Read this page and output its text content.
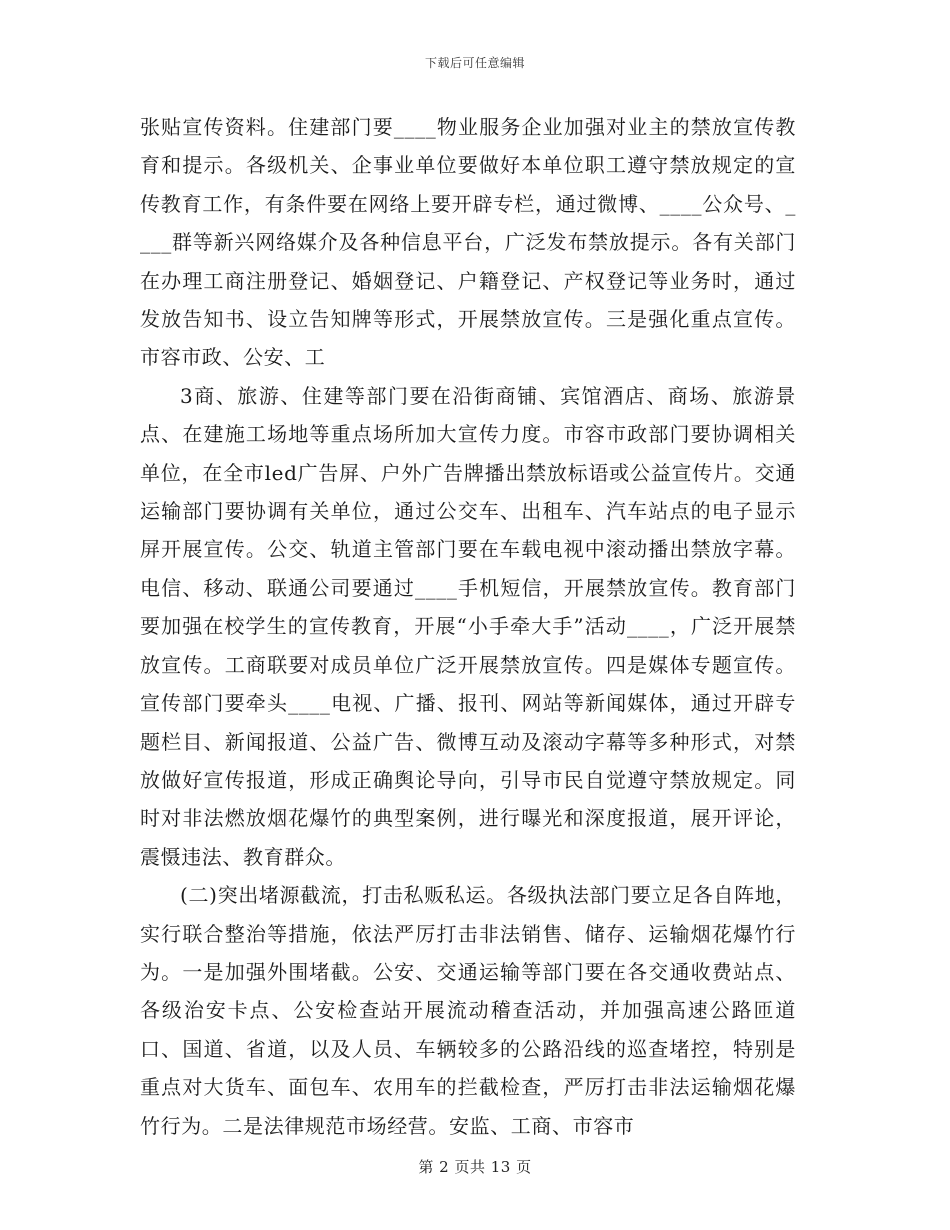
下载后可任意编辑

张贴宣传资料。住建部门要____物业服务企业加强对业主的禁放宣传教育和提示。各级机关、企事业单位要做好本单位职工遵守禁放规定的宣传教育工作，有条件要在网络上要开辟专栏，通过微博、____公众号、____群等新兴网络媒介及各种信息平台，广泛发布禁放提示。各有关部门在办理工商注册登记、婚姻登记、户籍登记、产权登记等业务时，通过发放告知书、设立告知牌等形式，开展禁放宣传。三是强化重点宣传。市容市政、公安、工

3商、旅游、住建等部门要在沿街商铺、宾馆酒店、商场、旅游景点、在建施工场地等重点场所加大宣传力度。市容市政部门要协调相关单位，在全市led广告屏、户外广告牌播出禁放标语或公益宣传片。交通运输部门要协调有关单位，通过公交车、出租车、汽车站点的电子显示屏开展宣传。公交、轨道主管部门要在车载电视中滚动播出禁放字幕。电信、移动、联通公司要通过____手机短信，开展禁放宣传。教育部门要加强在校学生的宣传教育，开展“小手牵大手”活动____，广泛开展禁放宣传。工商联要对成员单位广泛开展禁放宣传。四是媒体专题宣传。宣传部门要牵头____电视、广播、报刊、网站等新闻媒体，通过开辟专题栏目、新闻报道、公益广告、微博互动及滚动字幕等多种形式，对禁放做好宣传报道，形成正确舆论导向，引导市民自觉遵守禁放规定。同时对非法燃放烟花爆竹的典型案例，进行曝光和深度报道，展开评论，震慑违法、教育群众。

(二)突出堵源截流，打击私贩私运。各级执法部门要立足各自阵地，实行联合整治等措施，依法严厉打击非法销售、储存、运输烟花爆竹行为。一是加强外围堵截。公安、交通运输等部门要在各交通收费站点、各级治安卡点、公安检查站开展流动稽查活动，并加强高速公路匝道口、国道、省道，以及人员、车辆较多的公路沿线的巡查堵控，特别是重点对大货车、面包车、农用车的拦截检查，严厉打击非法运输烟花爆竹行为。二是法律规范市场经营。安监、工商、市容市

第 2 页共 13 页
